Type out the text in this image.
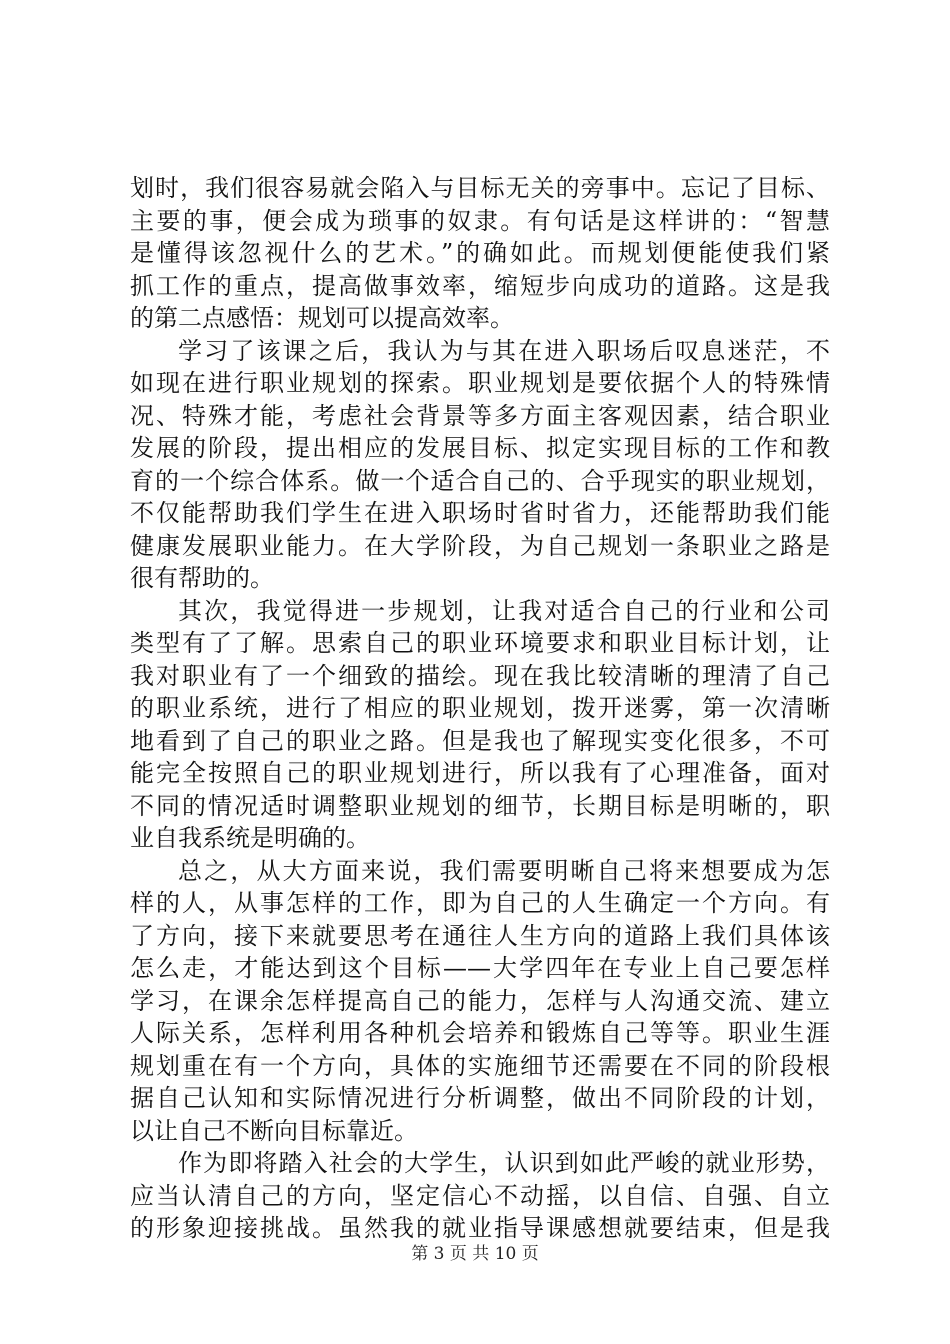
划时，我们很容易就会陷入与目标无关的旁事中。忘记了目标、
主要的事，便会成为琐事的奴隶。有句话是这样讲的：“智慧
是懂得该忽视什么的艺术。”的确如此。而规划便能使我们紧
抓工作的重点，提高做事效率，缩短步向成功的道路。这是我
的第二点感悟：规划可以提高效率。
学习了该课之后，我认为与其在进入职场后叹息迷茫，不
如现在进行职业规划的探索。职业规划是要依据个人的特殊情
况、特殊才能，考虑社会背景等多方面主客观因素，结合职业
发展的阶段，提出相应的发展目标、拟定实现目标的工作和教
育的一个综合体系。做一个适合自己的、合乎现实的职业规划，
不仅能帮助我们学生在进入职场时省时省力，还能帮助我们能
健康发展职业能力。在大学阶段，为自己规划一条职业之路是
很有帮助的。
其次，我觉得进一步规划，让我对适合自己的行业和公司
类型有了了解。思索自己的职业环境要求和职业目标计划，让
我对职业有了一个细致的描绘。现在我比较清晰的理清了自己
的职业系统，进行了相应的职业规划，拨开迷雾，第一次清晰
地看到了自己的职业之路。但是我也了解现实变化很多，不可
能完全按照自己的职业规划进行，所以我有了心理准备，面对
不同的情况适时调整职业规划的细节，长期目标是明晰的，职
业自我系统是明确的。
总之，从大方面来说，我们需要明晰自己将来想要成为怎
样的人，从事怎样的工作，即为自己的人生确定一个方向。有
了方向，接下来就要思考在通往人生方向的道路上我们具体该
怎么走，才能达到这个目标——大学四年在专业上自己要怎样
学习，在课余怎样提高自己的能力，怎样与人沟通交流、建立
人际关系，怎样利用各种机会培养和锻炼自己等等。职业生涯
规划重在有一个方向，具体的实施细节还需要在不同的阶段根
据自己认知和实际情况进行分析调整，做出不同阶段的计划，
以让自己不断向目标靠近。
作为即将踏入社会的大学生，认识到如此严峻的就业形势，
应当认清自己的方向，坚定信心不动摇，以自信、自强、自立
的形象迎接挑战。虽然我的就业指导课感想就要结束，但是我
第 3 页 共 10 页
